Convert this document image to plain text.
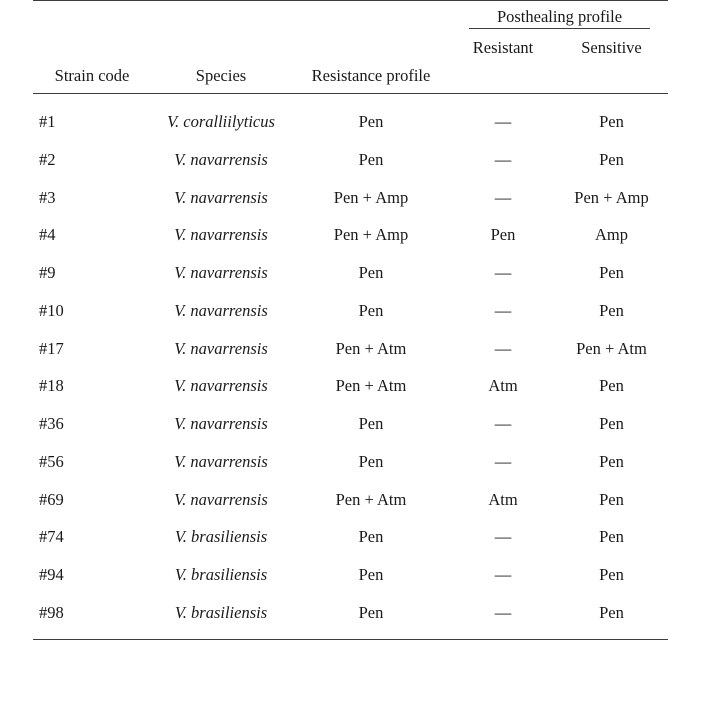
			Posthealing profile	

			Resistant	Sensitive
Strain code	Species	Resistance profile		

#1	V. coralliilyticus	Pen	—	Pen
#2	V. navarrensis	Pen	—	Pen
#3	V. navarrensis	Pen + Amp	—	Pen + Amp
#4	V. navarrensis	Pen + Amp	Pen	Amp
#9	V. navarrensis	Pen	—	Pen
#10	V. navarrensis	Pen	—	Pen
#17	V. navarrensis	Pen + Atm	—	Pen + Atm
#18	V. navarrensis	Pen + Atm	Atm	Pen
#36	V. navarrensis	Pen	—	Pen
#56	V. navarrensis	Pen	—	Pen
#69	V. navarrensis	Pen + Atm	Atm	Pen
#74	V. brasiliensis	Pen	—	Pen
#94	V. brasiliensis	Pen	—	Pen
#98	V. brasiliensis	Pen	—	Pen
